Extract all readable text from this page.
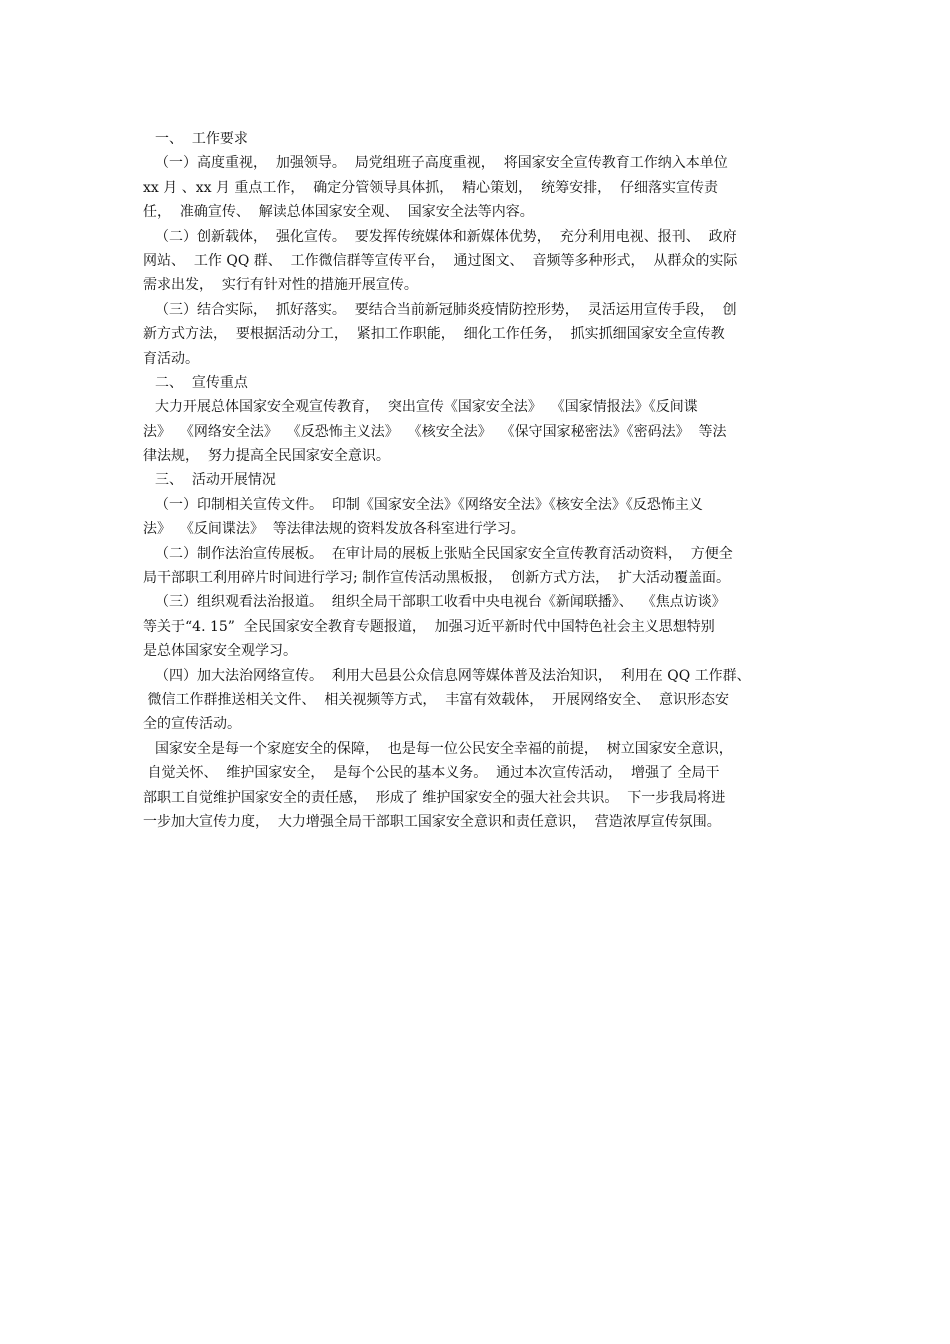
一、  工作要求
（一）高度重视，  加强领导。  局党组班子高度重视，  将国家安全宣传教育工作纳入本单位
xx 月 、xx 月 重点工作，  确定分管领导具体抓，  精心策划，  统筹安排，  仔细落实宣传责
任，  准确宣传、  解读总体国家安全观、  国家安全法等内容。
（二）创新载体，  强化宣传。  要发挥传统媒体和新媒体优势，  充分利用电视、报刊、  政府
网站、  工作 QQ 群、  工作微信群等宣传平台，  通过图文、  音频等多种形式，  从群众的实际
需求出发，  实行有针对性的措施开展宣传。
（三）结合实际，  抓好落实。  要结合当前新冠肺炎疫情防控形势，  灵活运用宣传手段，  创
新方式方法，  要根据活动分工，  紧扣工作职能，  细化工作任务，  抓实抓细国家安全宣传教
育活动。
二、  宣传重点
大力开展总体国家安全观宣传教育，  突出宣传《国家安全法》  《国家情报法》《反间谍
法》  《网络安全法》  《反恐怖主义法》  《核安全法》  《保守国家秘密法》《密码法》  等法
律法规，  努力提高全民国家安全意识。
三、  活动开展情况
（一）印制相关宣传文件。  印制《国家安全法》《网络安全法》《核安全法》《反恐怖主义
法》  《反间谍法》  等法律法规的资料发放各科室进行学习。
（二）制作法治宣传展板。  在审计局的展板上张贴全民国家安全宣传教育活动资料，  方便全
局干部职工利用碎片时间进行学习; 制作宣传活动黑板报，  创新方式方法，  扩大活动覆盖面。
（三）组织观看法治报道。  组织全局干部职工收看中央电视台《新闻联播》、  《焦点访谈》
等关于“4. 15”  全民国家安全教育专题报道，  加强习近平新时代中国特色社会主义思想特别
是总体国家安全观学习。
（四）加大法治网络宣传。  利用大邑县公众信息网等媒体普及法治知识，  利用在 QQ 工作群、
微信工作群推送相关文件、  相关视频等方式，  丰富有效载体，  开展网络安全、  意识形态安
全的宣传活动。
国家安全是每一个家庭安全的保障，  也是每一位公民安全幸福的前提，  树立国家安全意识，
自觉关怀、  维护国家安全，  是每个公民的基本义务。  通过本次宣传活动，  增强了 全局干
部职工自觉维护国家安全的责任感，  形成了 维护国家安全的强大社会共识。  下一步我局将进
一步加大宣传力度，  大力增强全局干部职工国家安全意识和责任意识，  营造浓厚宣传氛围。
